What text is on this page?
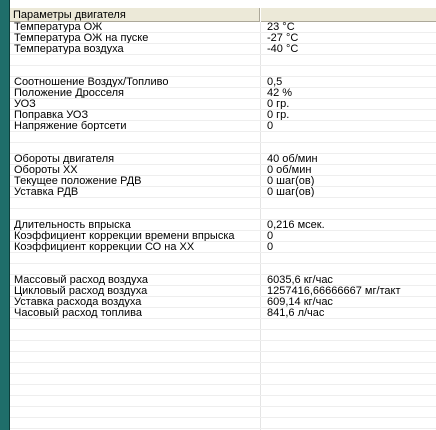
Параметры двигателя
Температура ОЖ	23 °C
Температура ОЖ на пуске	-27 °C
Температура воздуха	-40 °C
Соотношение Воздух/Топливо	0,5
Положение Дросселя	42 %
УОЗ	0 гр.
Поправка УОЗ	0 гр.
Напряжение бортсети	0
Обороты двигателя	40 об/мин
Обороты ХХ	0 об/мин
Текущее положение РДВ	0 шаг(ов)
Уставка РДВ	0 шаг(ов)
Длительность впрыска	0,216 мсек.
Коэффициент коррекции времени впрыска	0
Коэффициент коррекции СО на ХХ	0
Массовый расход воздуха	6035,6 кг/час
Цикловый расход воздуха	1257416,66666667 мг/такт
Уставка расхода воздуха	609,14 кг/час
Часовый расход топлива	841,6 л/час
